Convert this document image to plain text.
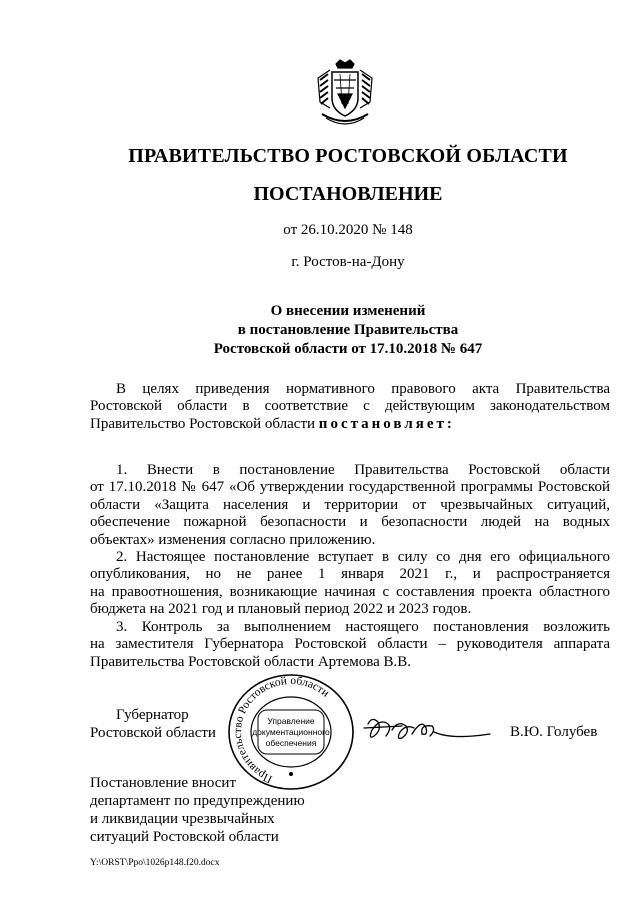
ПРАВИТЕЛЬСТВО РОСТОВСКОЙ ОБЛАСТИ
ПОСТАНОВЛЕНИЕ
от 26.10.2020 № 148
г. Ростов-на-Дону
О внесении изменений
в постановление Правительства
Ростовской области от 17.10.2018 № 647
В целях приведения нормативного правового акта Правительства
Ростовской области в соответствие с действующим законодательством
Правительство Ростовской области постановляет:
1. Внести в постановление Правительства Ростовской области
от 17.10.2018 № 647 «Об утверждении государственной программы Ростовской
области «Защита населения и территории от чрезвычайных ситуаций,
обеспечение пожарной безопасности и безопасности людей на водных
объектах» изменения согласно приложению.
2. Настоящее постановление вступает в силу со дня его официального
опубликования, но не ранее 1 января 2021 г., и распространяется
на правоотношения, возникающие начиная с составления проекта областного
бюджета на 2021 год и плановый период 2022 и 2023 годов.
3. Контроль за выполнением настоящего постановления возложить
на заместителя Губернатора Ростовской области – руководителя аппарата
Правительства Ростовской области Артемова В.В.
Губернатор
Ростовской области
Правительство Ростовской области
Управление
документационного
обеспечения
В.Ю. Голубев
Постановление вносит
департамент по предупреждению
и ликвидации чрезвычайных
ситуаций Ростовской области
Y:\ORST\Ppo\1026p148.f20.docx
